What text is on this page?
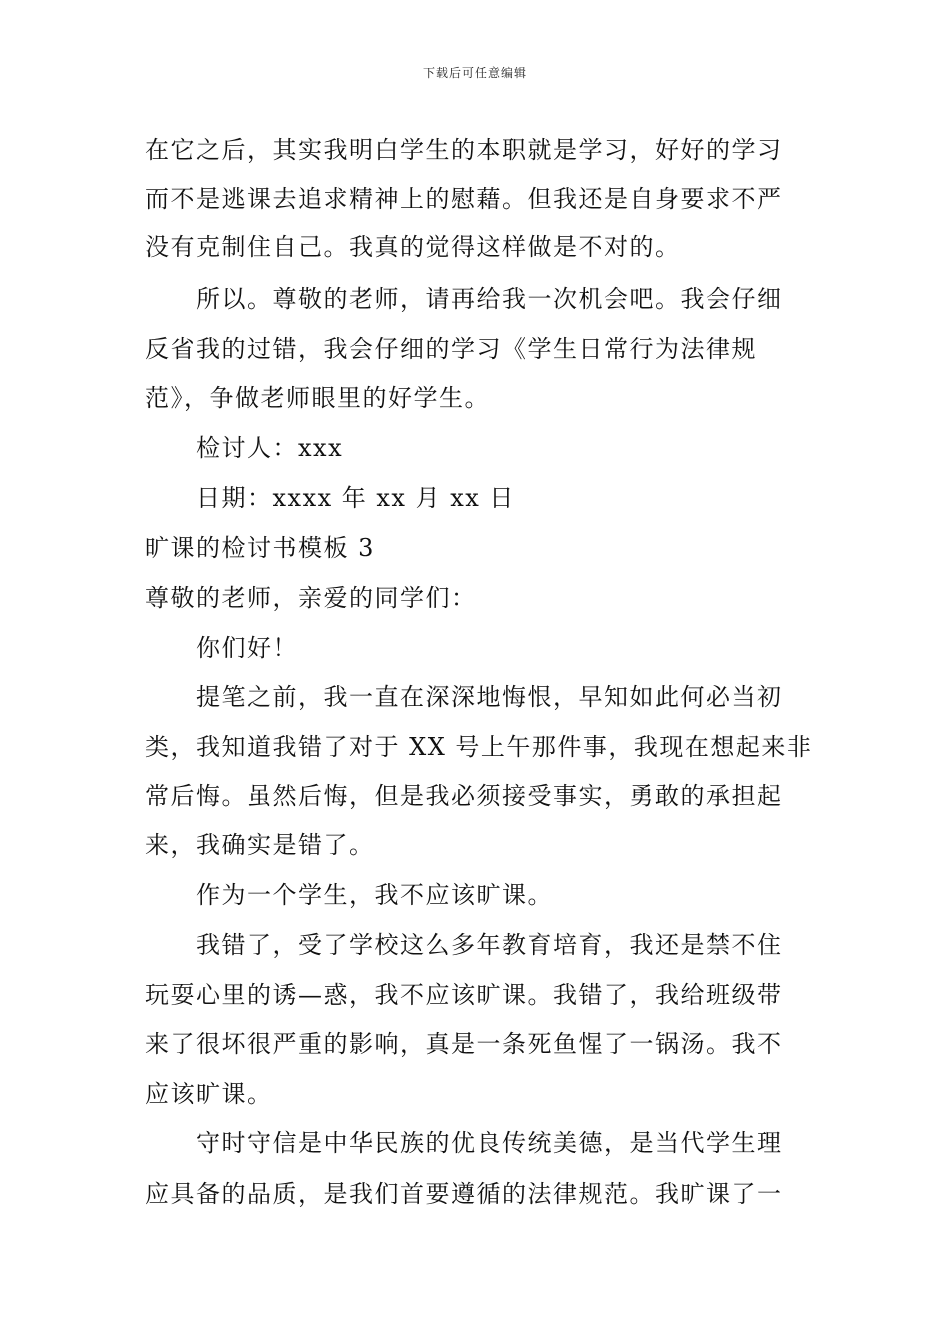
下载后可任意编辑
在它之后，其实我明白学生的本职就是学习，好好的学习
而不是逃课去追求精神上的慰藉。但我还是自身要求不严
没有克制住自己。我真的觉得这样做是不对的。
所以。尊敬的老师，请再给我一次机会吧。我会仔细
反省我的过错，我会仔细的学习《学生日常行为法律规
范》，争做老师眼里的好学生。
检讨人：xxx
日期：xxxx 年 xx 月 xx 日
旷课的检讨书模板 3
尊敬的老师，亲爱的同学们：
你们好！
提笔之前，我一直在深深地悔恨，早知如此何必当初
类，我知道我错了对于 XX 号上午那件事，我现在想起来非
常后悔。虽然后悔，但是我必须接受事实，勇敢的承担起
来，我确实是错了。
作为一个学生，我不应该旷课。
我错了，受了学校这么多年教育培育，我还是禁不住
玩耍心里的诱—惑，我不应该旷课。我错了，我给班级带
来了很坏很严重的影响，真是一条死鱼惺了一锅汤。我不
应该旷课。
守时守信是中华民族的优良传统美德，是当代学生理
应具备的品质，是我们首要遵循的法律规范。我旷课了一
